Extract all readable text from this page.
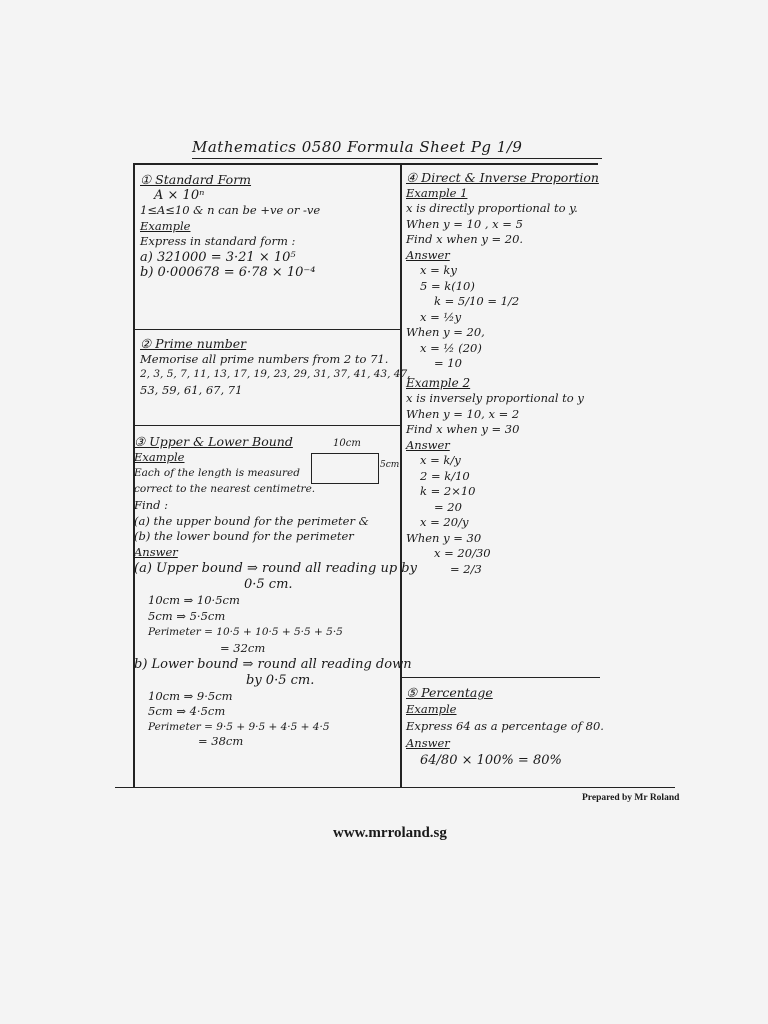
Mathematics 0580 Formula Sheet Pg 1/9
① Standard Form
A × 10ⁿ
1≤A≤10 & n can be +ve or -ve
Example
Express in standard form :
a) 321000 = 3·21 × 10⁵
b) 0·000678 = 6·78 × 10⁻⁴
② Prime number
Memorise all prime numbers from 2 to 71.
2, 3, 5, 7, 11, 13, 17, 19, 23, 29, 31, 37, 41, 43, 47,
53, 59, 61, 67, 71
10cm
5cm
③ Upper & Lower Bound
Example
Each of the length is measured
correct to the nearest centimetre.
Find :
(a) the upper bound for the perimeter &
(b) the lower bound for the perimeter
Answer
(a) Upper bound ⇒ round all reading up by
0·5 cm.
10cm ⇒ 10·5cm
5cm ⇒ 5·5cm
Perimeter = 10·5 + 10·5 + 5·5 + 5·5
= 32cm
b) Lower bound ⇒ round all reading down
by 0·5 cm.
10cm ⇒ 9·5cm
5cm ⇒ 4·5cm
Perimeter = 9·5 + 9·5 + 4·5 + 4·5
= 38cm
④ Direct & Inverse Proportion
Example 1
x is directly proportional to y.
When y = 10 , x = 5
Find x when y = 20.
Answer
x = ky
5 = k(10)
k = 5/10 = 1/2
x = ½y
When y = 20,
x = ½ (20)
= 10
Example 2
x is inversely proportional to y
When y = 10, x = 2
Find x when y = 30
Answer
x = k/y
2 = k/10
k = 2×10
= 20
x = 20/y
When y = 30
x = 20/30
= 2/3
⑤ Percentage
Example
Express 64 as a percentage of 80.
Answer
64/80 × 100% = 80%
Prepared by Mr Roland
www.mrroland.sg
